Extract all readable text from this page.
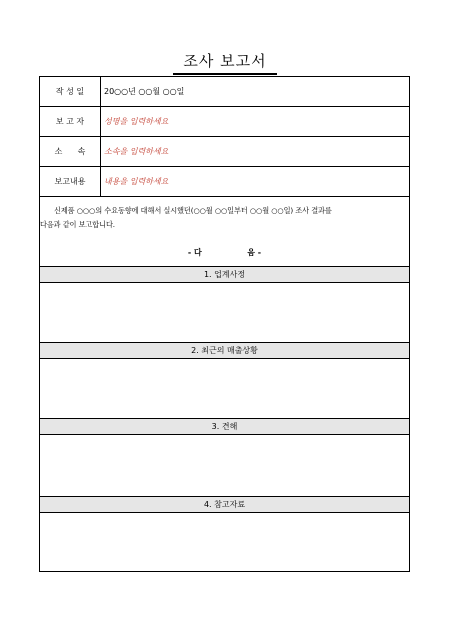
조사 보고서
작 성 일	20○○년 ○○월 ○○일
보 고 자	성명을 입력하세요
소      속	소속을 입력하세요
보고내용	내용을 입력하세요
신제품 ○○○의 수요동향에 대해서 실시했던(○○월 ○○일부터 ○○월 ○○일) 조사 결과를
다음과 같이 보고합니다.
- 다	음 -
1. 업계사정
2. 최근의 매출상황
3. 견해
4. 참고자료
